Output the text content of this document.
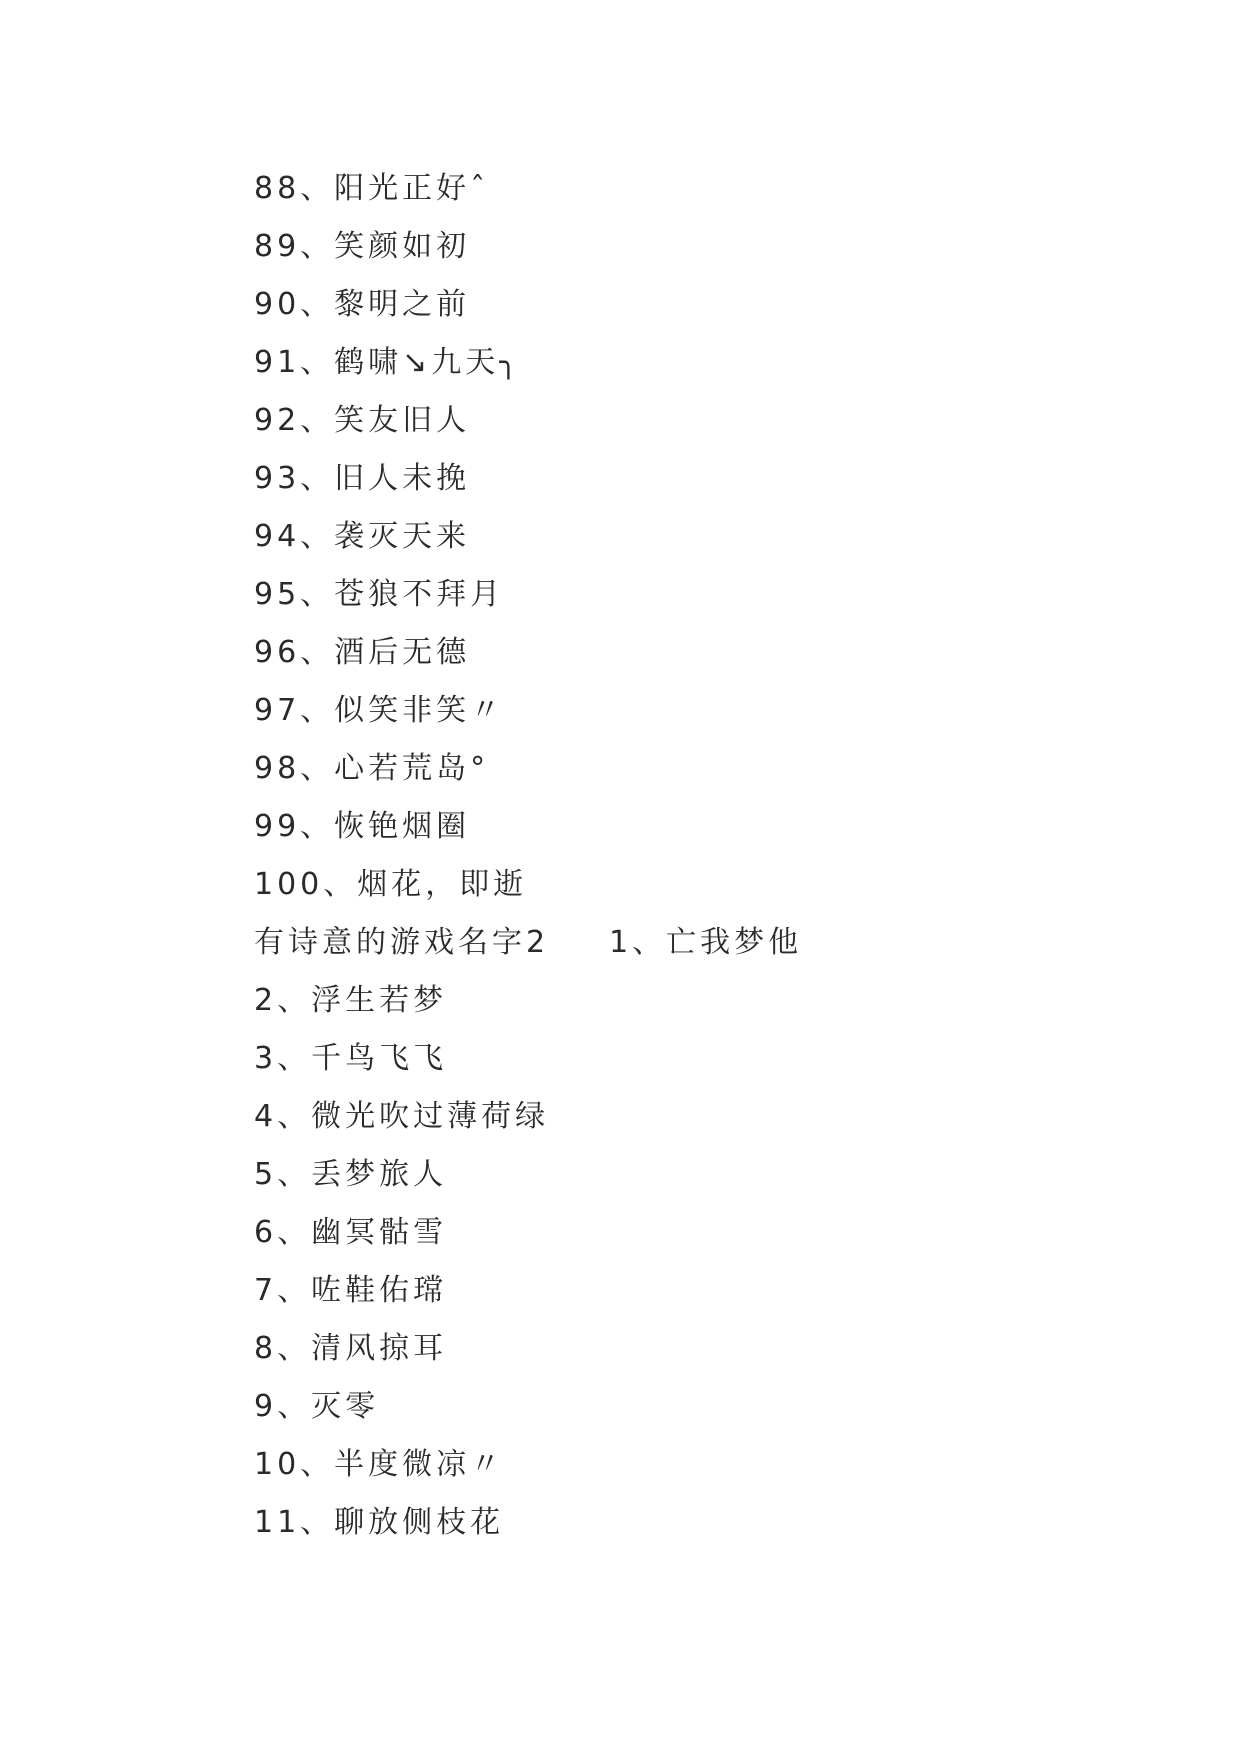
88、阳光正好ˆ
89、笑颜如初
90、黎明之前
91、鹤啸↘九天╮
92、笑友旧人
93、旧人未挽
94、袭灭天来
95、苍狼不拜月
96、酒后无德
97、似笑非笑〃
98、心若荒岛°
99、恢铯烟圈
100、烟花，即逝
有诗意的游戏名字2 1、亡我梦他
2、浮生若梦
3、千鸟飞飞
4、微光吹过薄荷绿
5、丢梦旅人
6、幽冥骷雪
7、咗鞋佑瑺
8、清风掠耳
9、灭零
10、半度微凉〃
11、聊放侧枝花
